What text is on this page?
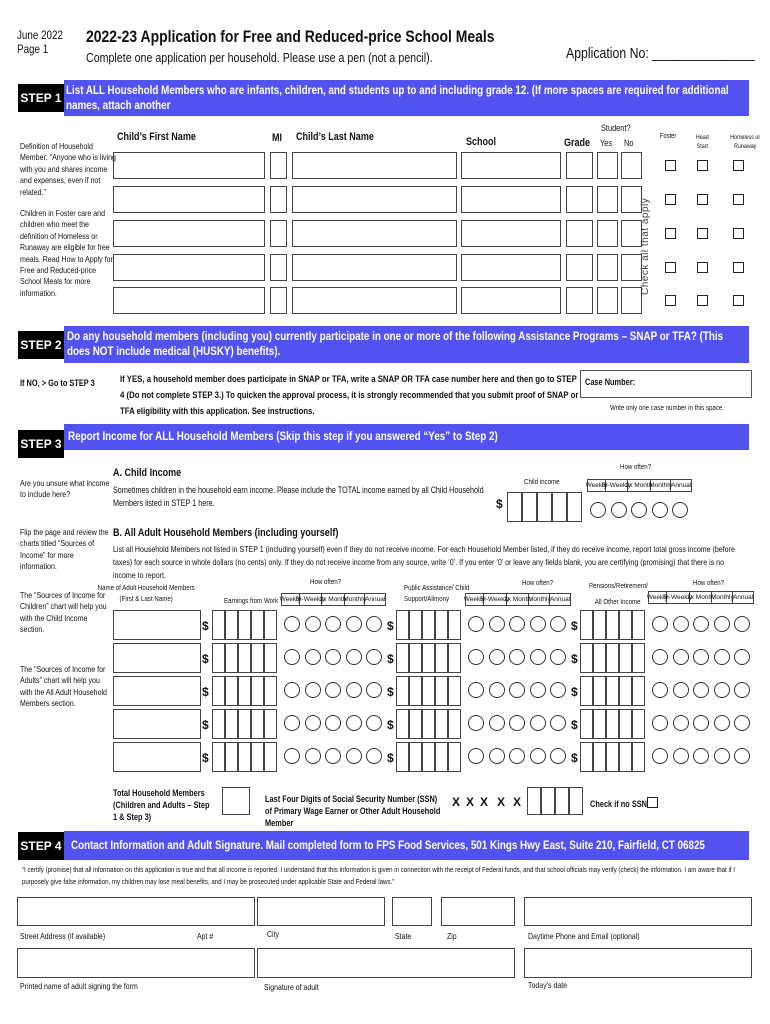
June 2022
Page 1
2022-23 Application for Free and Reduced-price School Meals
Complete one application per household. Please use a pen (not a pencil).	Application No: _______________
List ALL Household Members who are infants, children, and students up to and including grade 12. (If more spaces are required for additional names, attach another
STEP 1
Definition of Household Member: “Anyone who is living with you and shares income and expenses, even if not related.”
Children in Foster care and children who meet the definition of Homeless or Runaway are eligible for free meals. Read How to Apply for Free and Reduced-price School Meals for more information.
Child’s First Name	MI Child’s Last Name	School	Grade
Student?
Yes No
Foster	Head Start
Homeless or Runaway
Check all that apply
Do any household members (including you) currently participate in one or more of the following Assistance Programs – SNAP or TFA? (This does NOT include medical (HUSKY) benefits).
STEP 2
If NO, > Go to STEP 3	If YES, a household member does participate in SNAP or TFA, write a SNAP OR TFA case number here and then go to STEP 4 (Do not complete STEP 3.) To quicken the approval process, it is strongly recommended that you submit proof of SNAP or TFA eligibility with this application. See instructions.
Case Number:
Write only one case number in this space.
Report Income for ALL Household Members (Skip this step if you answered “Yes” to Step 2)
STEP 3
Are you unsure what income to include here?
Flip the page and review the charts titled “Sources of Income” for more information.
The “Sources of Income for Children” chart will help you with the Child Income section.
The “Sources of Income for Adults” chart will help you with the All Adult Household Members section.
A. Child Income
Sometimes children in the household earn income. Please include the TOTAL income earned by all Child Household Members listed in STEP 1 here.
Child income
How often?
$
Weekly
Bi-Weekly
2x Month
Monthly Annual
B. All Adult Household Members (including yourself)
List all Household Members not listed in STEP 1 (including yourself) even if they do not receive income. For each Household Member listed, if they do receive income, report total gross income (before taxes) for each source in whole dollars (no cents) only. If they do not receive income from any source, write ‘0’. If you enter ‘0’ or leave any fields blank, you are certifying (promising) that there is no income to report.
Name of Adult Household Members (First & Last Name)	Earnings from Work
Public Assistance/ Child Support/Alimony
Pensions/Retirement/ All Other Income
How often?	How often?	How often?
Weekly
Bi-Weekly
2x Month
Monthly Annual	Weekly
Bi-Weekly
2x Month
Monthly Annual	Weekly
Bi-Weekly
2x Month
Monthly Annual
$	$	$
$	$	$
$	$	$
$	$	$
$	$	$
Total Household Members (Children and Adults – Step 1 & Step 3)
Last Four Digits of Social Security Number (SSN) of Primary Wage Earner or Other Adult Household Member
X X X X X	Check if no SSN
Contact Information and Adult Signature. Mail completed form to FPS Food Services, 501 Kings Hwy East, Suite 210, Fairfield, CT 06825
STEP 4
“I certify (promise) that all information on this application is true and that all income is reported. I understand that this information is given in connection with the receipt of Federal funds, and that school officials may verify (check) the information. I am aware that if I purposely give false information, my children may lose meal benefits, and I may be prosecuted under applicable State and Federal laws.”
Street Address (if available)	Apt #	City	State	Zip	Daytime Phone and Email (optional)
Printed name of adult signing the form	Signature of adult	Today’s date
